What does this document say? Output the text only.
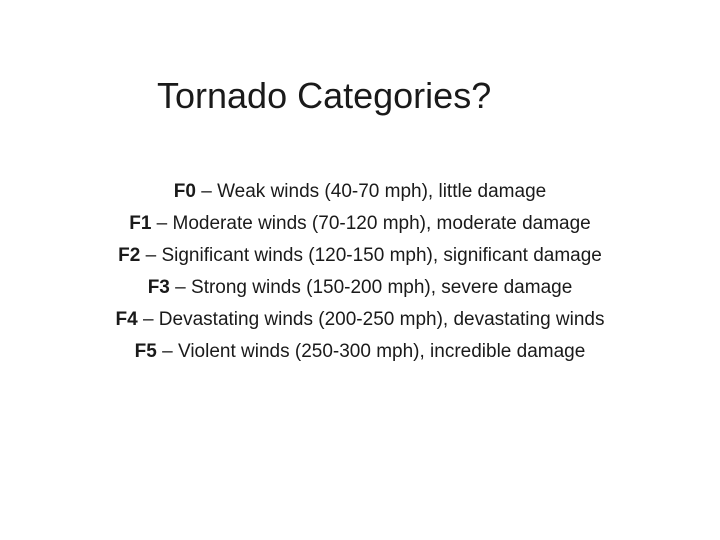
Tornado Categories?

F0 – Weak winds (40-70 mph), little damage

F1 – Moderate winds (70-120 mph), moderate damage

F2 – Significant winds (120-150 mph), significant damage

F3 – Strong winds (150-200 mph), severe damage

F4 – Devastating winds (200-250 mph), devastating winds

F5 – Violent winds (250-300 mph), incredible damage
